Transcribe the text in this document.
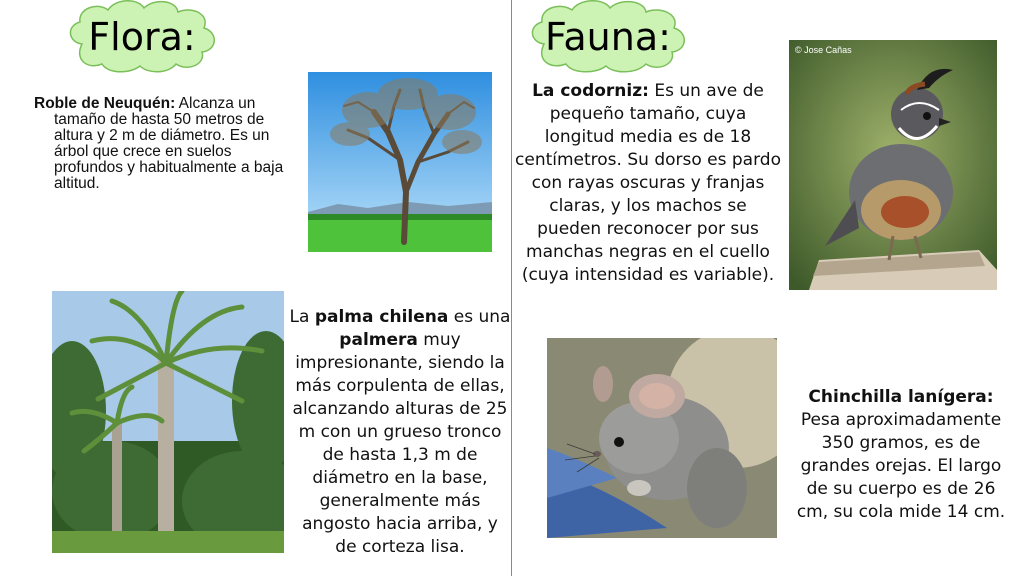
Flora:	Fauna:
Roble de Neuquén: Alcanza un tamaño de hasta 50 metros de altura y 2 m de diámetro. Es un árbol que crece en suelos profundos y habitualmente a baja altitud.
La palma chilena es una palmera muy impresionante, siendo la más corpulenta de ellas, alcanzando alturas de 25 m con un grueso tronco de hasta 1,3 m de diámetro en la base, generalmente más angosto hacia arriba, y de corteza lisa.
La codorniz: Es un ave de pequeño tamaño, cuya longitud media es de 18 centímetros. Su dorso es pardo con rayas oscuras y franjas claras, y los machos se pueden reconocer por sus manchas negras en el cuello (cuya intensidad es variable).
© Jose Cañas
Chinchilla lanígera: Pesa aproximadamente 350 gramos, es de grandes orejas. El largo de su cuerpo es de 26 cm, su cola mide 14 cm.
